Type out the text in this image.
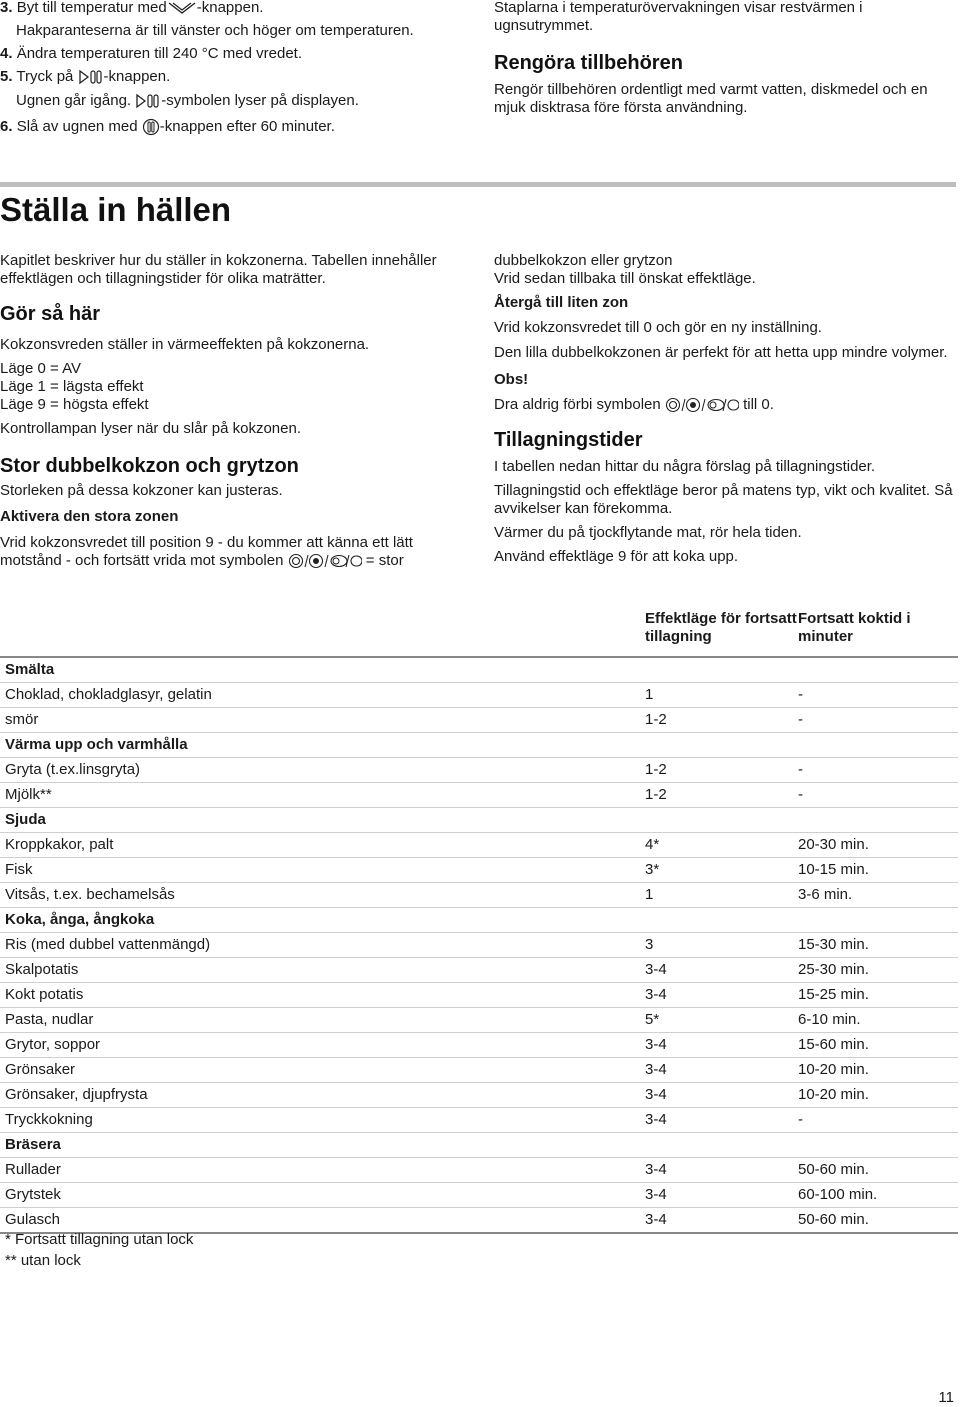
3. Byt till temperatur med -knappen.
Hakparanteserna är till vänster och höger om temperaturen.
4. Ändra temperaturen till 240 °C med vredet.
5. Tryck på -knappen.
Ugnen går igång. -symbolen lyser på displayen.
6. Slå av ugnen med -knappen efter 60 minuter.

Staplarna i temperaturövervakningen visar restvärmen i ugnsutrymmet.

Rengöra tillbehören

Rengör tillbehören ordentligt med varmt vatten, diskmedel och en mjuk disktrasa före första användning.

Ställa in hällen

Kapitlet beskriver hur du ställer in kokzonerna. Tabellen innehåller effektlägen och tillagningstider för olika maträtter.

Gör så här

Kokzonsvreden ställer in värmeeffekten på kokzonerna.

Läge 0 = AV

Läge 1 = lägsta effekt

Läge 9 = högsta effekt

Kontrollampan lyser när du slår på kokzonen.

Stor dubbelkokzon och grytzon

Storleken på dessa kokzoner kan justeras.

Aktivera den stora zonen

Vrid kokzonsvredet till position 9 - du kommer att känna ett lätt motstånd - och fortsätt vrida mot symbolen	= stor

dubbelkokzon eller grytzon

Vrid sedan tillbaka till önskat effektläge.

Återgå till liten zon

Vrid kokzonsvredet till 0 och gör en ny inställning.

Den lilla dubbelkokzonen är perfekt för att hetta upp mindre volymer.

Obs!

Dra aldrig förbi symbolen	till 0.

Tillagningstider

I tabellen nedan hittar du några förslag på tillagningstider.

Tillagningstid och effektläge beror på matens typ, vikt och kvalitet. Så avvikelser kan förekomma.

Värmer du på tjockflytande mat, rör hela tiden.

Använd effektläge 9 för att koka upp.

	Effektläge för fortsatt tillagning	Fortsatt koktid i minuter
Smälta		
Choklad, chokladglasyr, gelatin	1	-
smör	1-2	-
Värma upp och varmhålla		
Gryta (t.ex.linsgryta)	1-2	-
Mjölk**	1-2	-
Sjuda		
Kroppkakor, palt	4*	20-30 min.
Fisk	3*	10-15 min.
Vitsås, t.ex. bechamelsås	1	3-6 min.
Koka, ånga, ångkoka		
Ris (med dubbel vattenmängd)	3	15-30 min.
Skalpotatis	3-4	25-30 min.
Kokt potatis	3-4	15-25 min.
Pasta, nudlar	5*	6-10 min.
Grytor, soppor	3-4	15-60 min.
Grönsaker	3-4	10-20 min.
Grönsaker, djupfrysta	3-4	10-20 min.
Tryckkokning	3-4	-
Bräsera		
Rullader	3-4	50-60 min.
Grytstek	3-4	60-100 min.
Gulasch	3-4	50-60 min.

* Fortsatt tillagning utan lock

** utan lock

11
